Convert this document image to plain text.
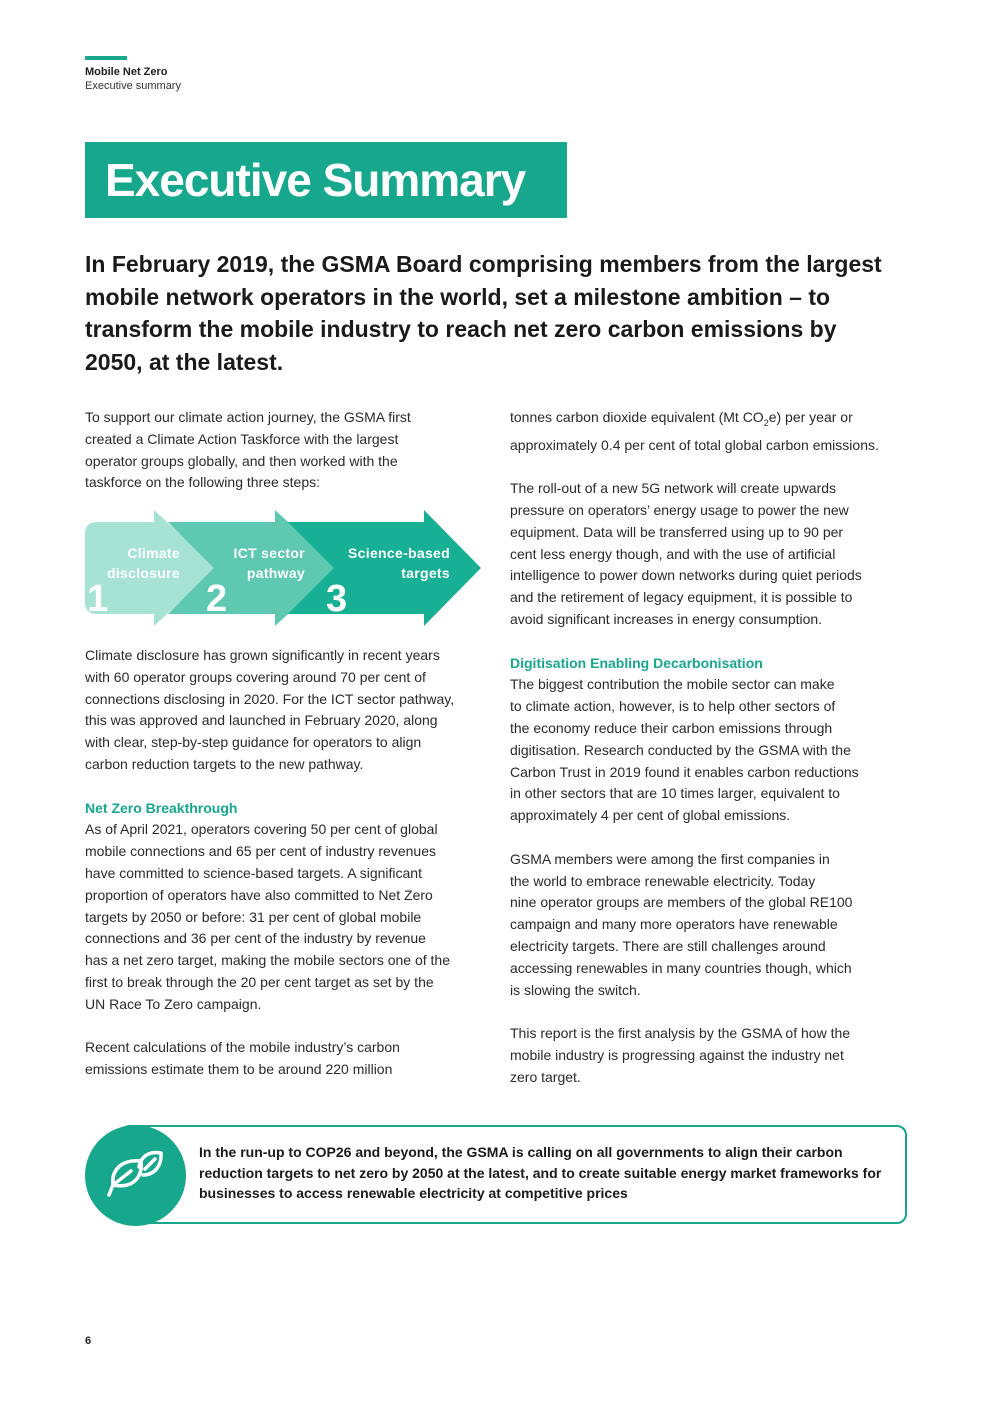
Mobile Net Zero
Executive summary
Executive Summary

In February 2019, the GSMA Board comprising members from the largest mobile network operators in the world, set a milestone ambition – to transform the mobile industry to reach net zero carbon emissions by 2050, at the latest.

To support our climate action journey, the GSMA first
created a Climate Action Taskforce with the largest
operator groups globally, and then worked with the
taskforce on the following three steps:

Climate
disclosure
1
ICT sector
pathway
2
Science-based
targets
3

Climate disclosure has grown significantly in recent years
with 60 operator groups covering around 70 per cent of
connections disclosing in 2020. For the ICT sector pathway,
this was approved and launched in February 2020, along
with clear, step-by-step guidance for operators to align
carbon reduction targets to the new pathway.

Net Zero Breakthrough

As of April 2021, operators covering 50 per cent of global
mobile connections and 65 per cent of industry revenues
have committed to science-based targets. A significant
proportion of operators have also committed to Net Zero
targets by 2050 or before: 31 per cent of global mobile
connections and 36 per cent of the industry by revenue
has a net zero target, making the mobile sectors one of the
first to break through the 20 per cent target as set by the
UN Race To Zero campaign.

Recent calculations of the mobile industry’s carbon
emissions estimate them to be around 220 million

tonnes carbon dioxide equivalent (Mt $CO_2e$) per year or
approximately 0.4 per cent of total global carbon emissions.

The roll-out of a new 5G network will create upwards
pressure on operators’ energy usage to power the new
equipment. Data will be transferred using up to 90 per
cent less energy though, and with the use of artificial
intelligence to power down networks during quiet periods
and the retirement of legacy equipment, it is possible to
avoid significant increases in energy consumption.

Digitisation Enabling Decarbonisation

The biggest contribution the mobile sector can make
to climate action, however, is to help other sectors of
the economy reduce their carbon emissions through
digitisation. Research conducted by the GSMA with the
Carbon Trust in 2019 found it enables carbon reductions
in other sectors that are 10 times larger, equivalent to
approximately 4 per cent of global emissions.

GSMA members were among the first companies in
the world to embrace renewable electricity. Today
nine operator groups are members of the global RE100
campaign and many more operators have renewable
electricity targets. There are still challenges around
accessing renewables in many countries though, which
is slowing the switch.

This report is the first analysis by the GSMA of how the
mobile industry is progressing against the industry net
zero target.

In the run-up to COP26 and beyond, the GSMA is calling on all governments to align their carbon reduction targets to net zero by 2050 at the latest, and to create suitable energy market frameworks for businesses to access renewable electricity at competitive prices

6
